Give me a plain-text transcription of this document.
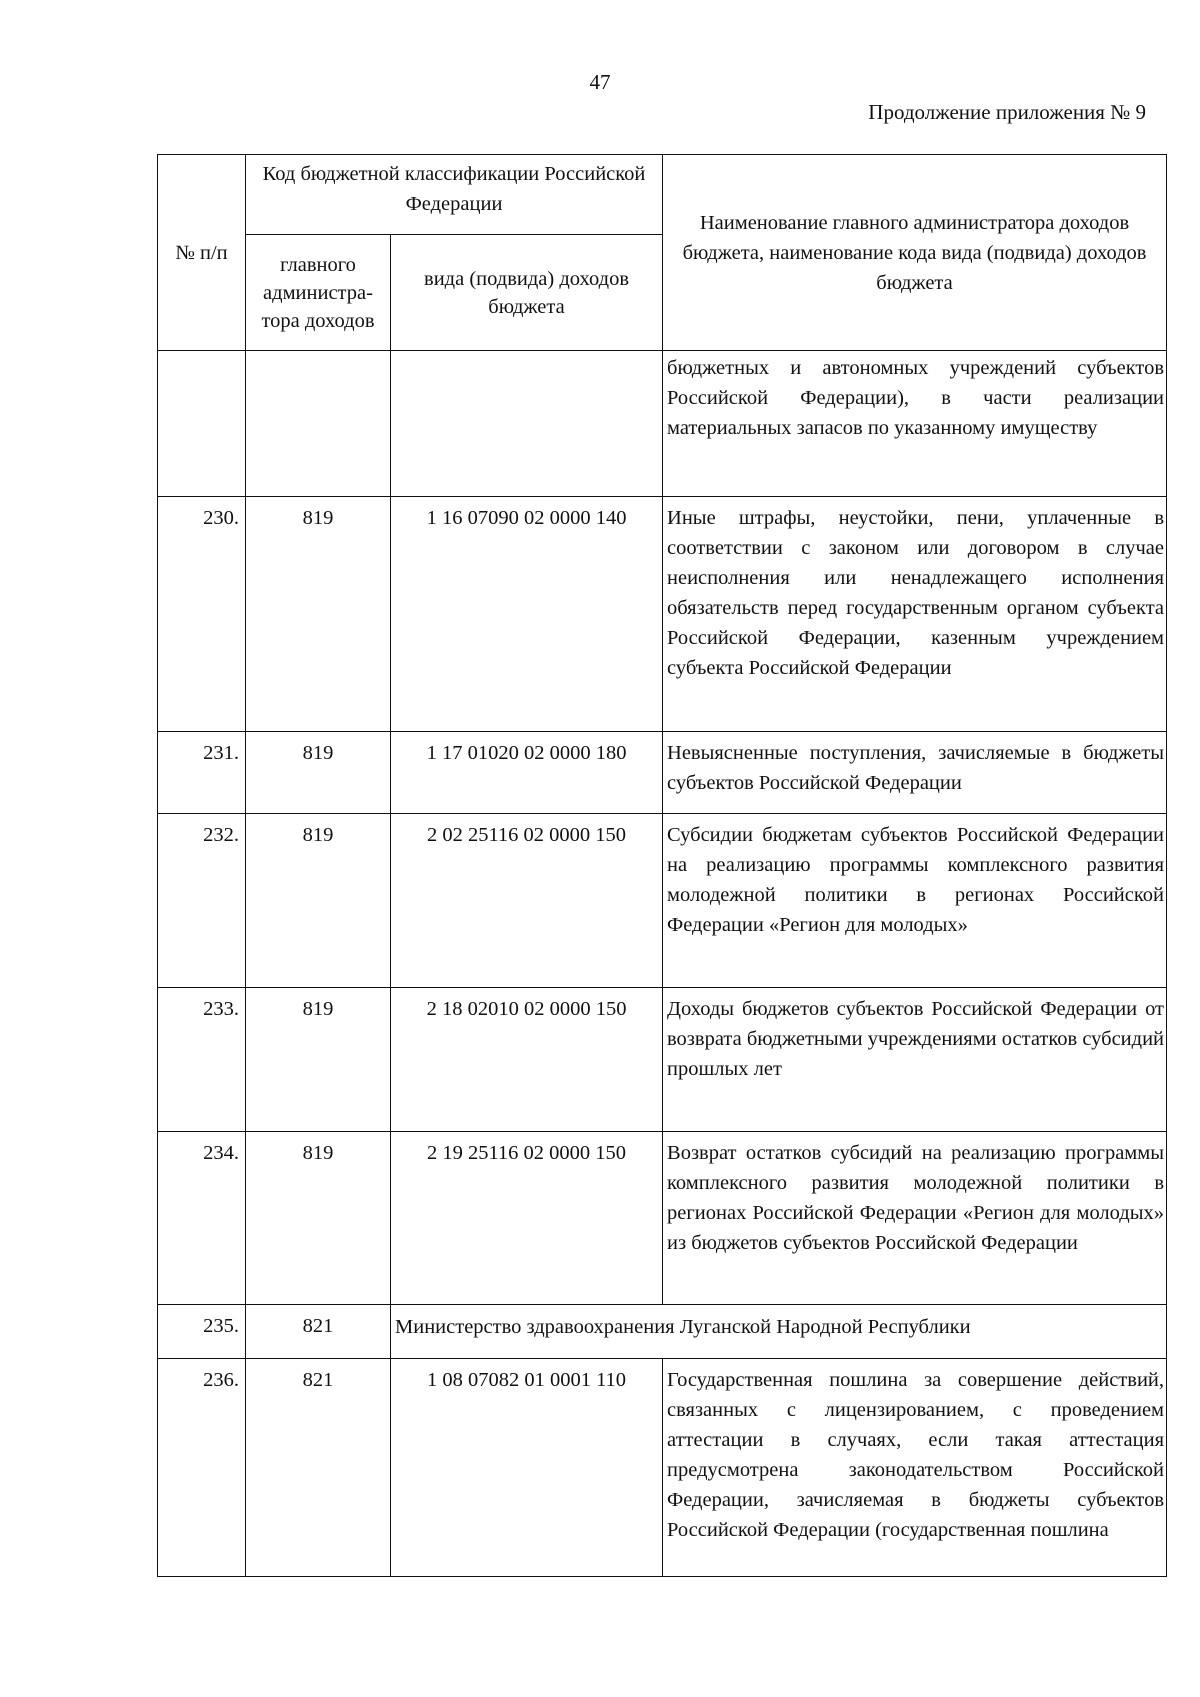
47
Продолжение приложения № 9
№ п/п	Код бюджетной классификации Российской Федерации		Наименование главного администратора доходов бюджета, наименование кода вида (подвида) доходов бюджета
	главного администра-тора доходов	вида (подвида) доходов бюджета	
			бюджетных и автономных учреждений субъектов Российской Федерации), в части реализации материальных запасов по указанному имуществу
230.	819	1 16 07090 02 0000 140	Иные штрафы, неустойки, пени, уплаченные в соответствии с законом или договором в случае неисполнения или ненадлежащего исполнения обязательств перед государственным органом субъекта Российской Федерации, казенным учреждением субъекта Российской Федерации
231.	819	1 17 01020 02 0000 180	Невыясненные поступления, зачисляемые в бюджеты субъектов Российской Федерации
232.	819	2 02 25116 02 0000 150	Субсидии бюджетам субъектов Российской Федерации на реализацию программы комплексного развития молодежной политики в регионах Российской Федерации «Регион для молодых»
233.	819	2 18 02010 02 0000 150	Доходы бюджетов субъектов Российской Федерации от возврата бюджетными учреждениями остатков субсидий прошлых лет
234.	819	2 19 25116 02 0000 150	Возврат остатков субсидий на реализацию программы комплексного развития молодежной политики в регионах Российской Федерации «Регион для молодых» из бюджетов субъектов Российской Федерации
235.	821	Министерство здравоохранения Луганской Народной Республики	
236.	821	1 08 07082 01 0001 110	Государственная пошлина за совершение действий, связанных с лицензированием, с проведением аттестации в случаях, если такая аттестация предусмотрена законодательством Российской Федерации, зачисляемая в бюджеты субъектов Российской Федерации (государственная пошлина
